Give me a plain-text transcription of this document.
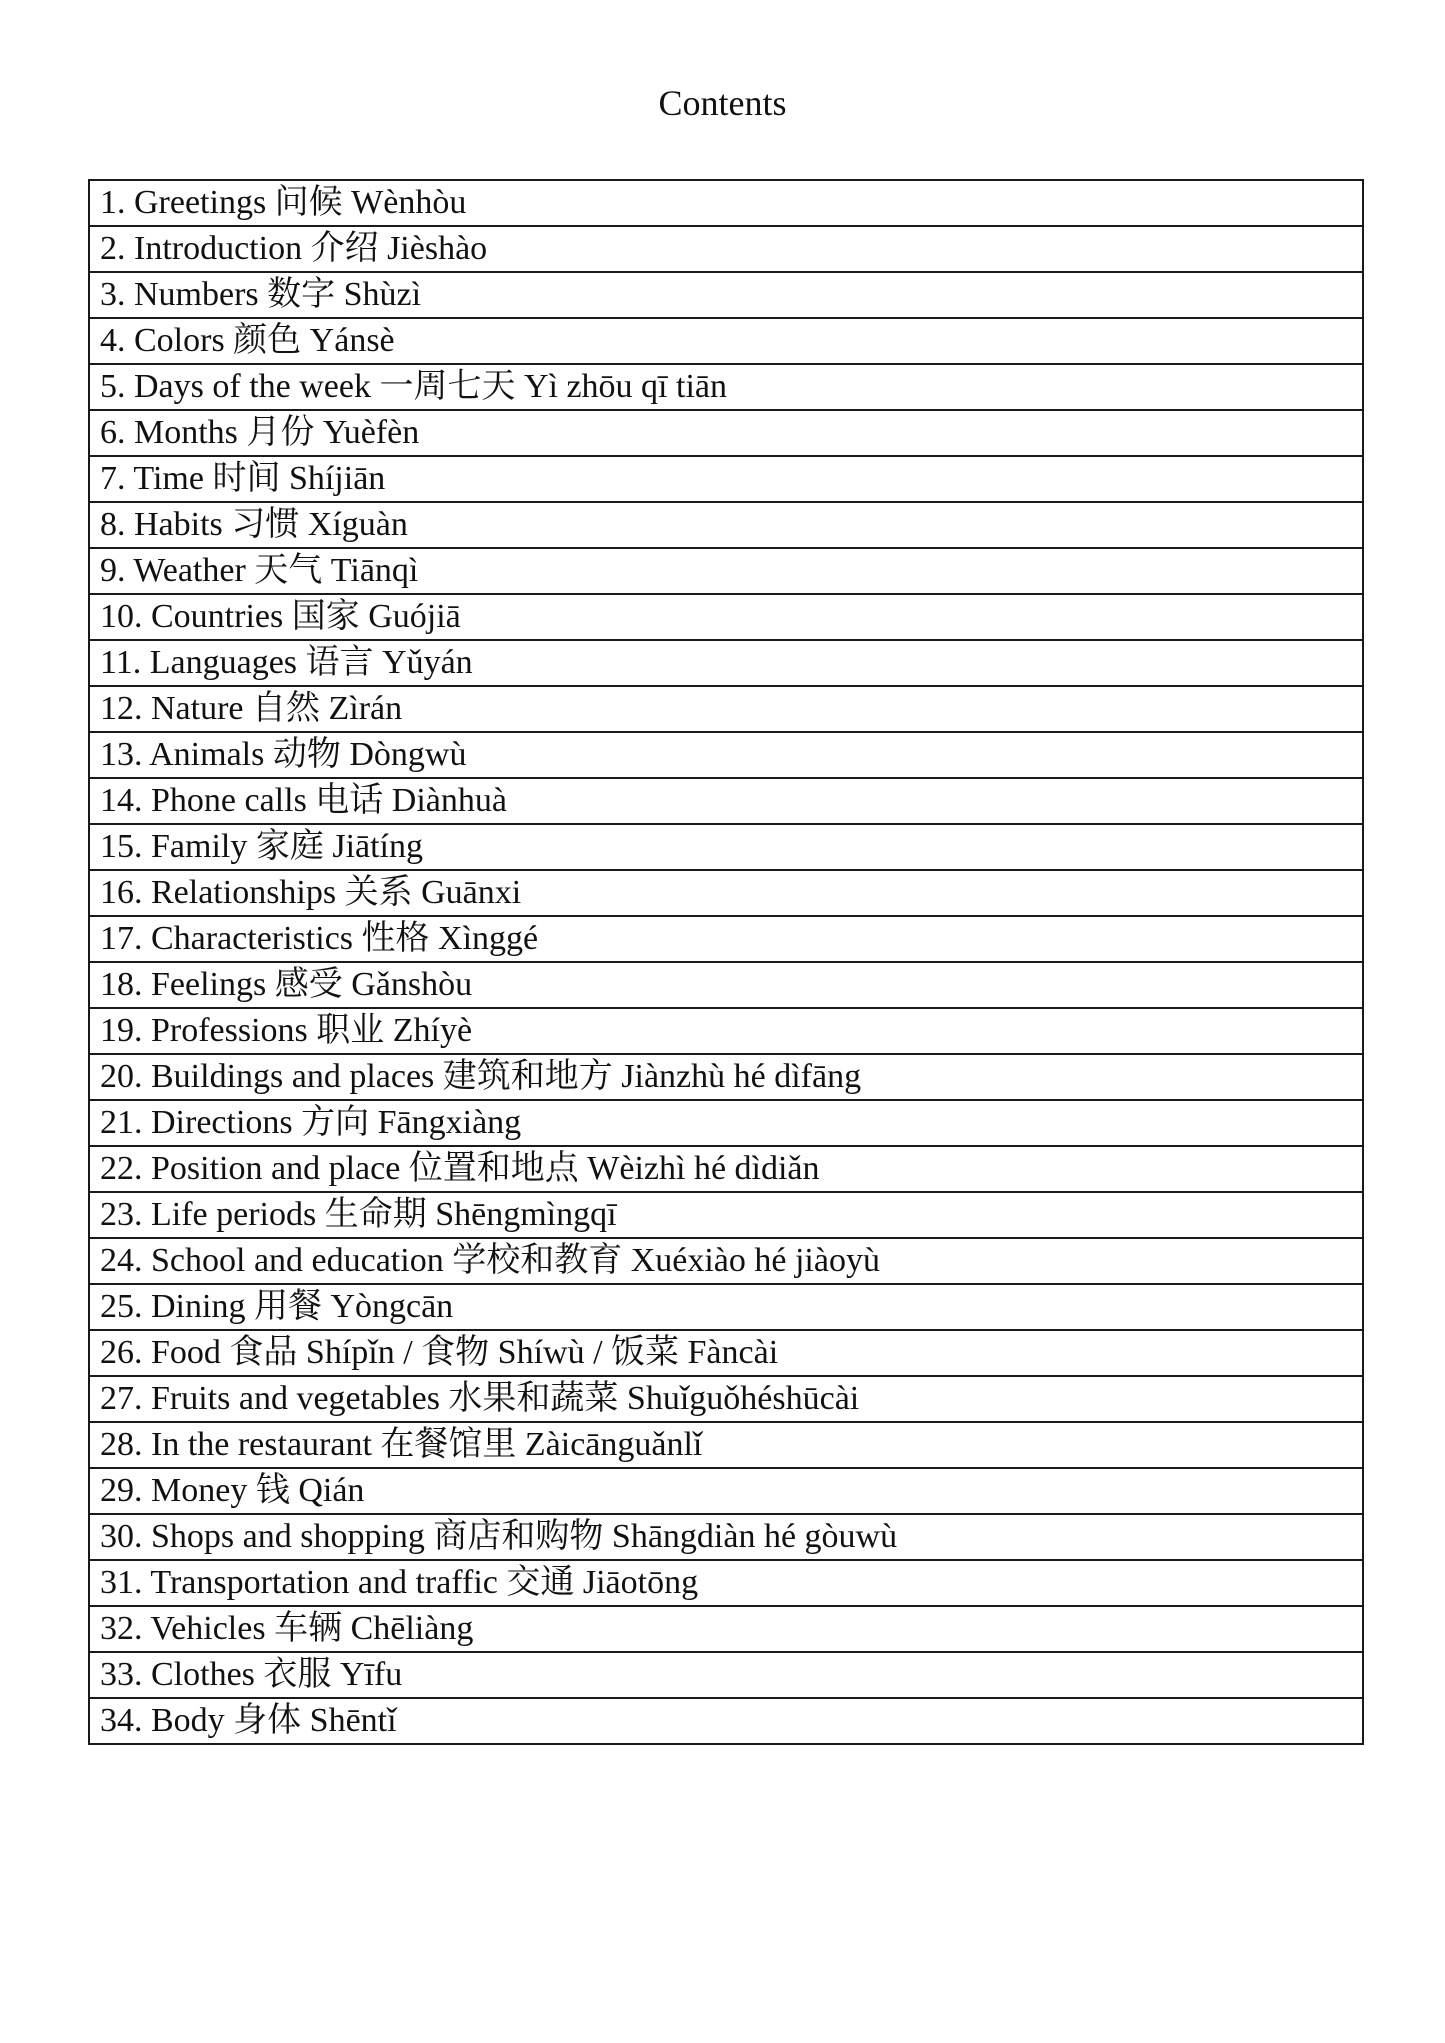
Contents
1. Greetings 问候 Wènhòu
2. Introduction 介绍 Jièshào
3. Numbers 数字 Shùzì
4. Colors 颜色 Yánsè
5. Days of the week 一周七天 Yì zhōu qī tiān
6. Months 月份 Yuèfèn
7. Time 时间 Shíjiān
8. Habits 习惯 Xíguàn
9. Weather 天气 Tiānqì
10. Countries 国家 Guójiā
11. Languages 语言 Yǔyán
12. Nature 自然 Zìrán
13. Animals 动物 Dòngwù
14. Phone calls 电话 Diànhuà
15. Family 家庭 Jiātíng
16. Relationships 关系 Guānxi
17. Characteristics 性格 Xìnggé
18. Feelings 感受 Gǎnshòu
19. Professions 职业 Zhíyè
20. Buildings and places 建筑和地方 Jiànzhù hé dìfāng
21. Directions 方向 Fāngxiàng
22. Position and place 位置和地点 Wèizhì hé dìdiǎn
23. Life periods 生命期 Shēngmìngqī
24. School and education 学校和教育 Xuéxiào hé jiàoyù
25. Dining 用餐 Yòngcān
26. Food 食品 Shípǐn / 食物 Shíwù / 饭菜 Fàncài
27. Fruits and vegetables 水果和蔬菜 Shuǐguǒhéshūcài
28. In the restaurant 在餐馆里 Zàicānguǎnlǐ
29. Money 钱 Qián
30. Shops and shopping 商店和购物 Shāngdiàn hé gòuwù
31. Transportation and traffic 交通 Jiāotōng
32. Vehicles 车辆 Chēliàng
33. Clothes 衣服 Yīfu
34. Body 身体 Shēntǐ
